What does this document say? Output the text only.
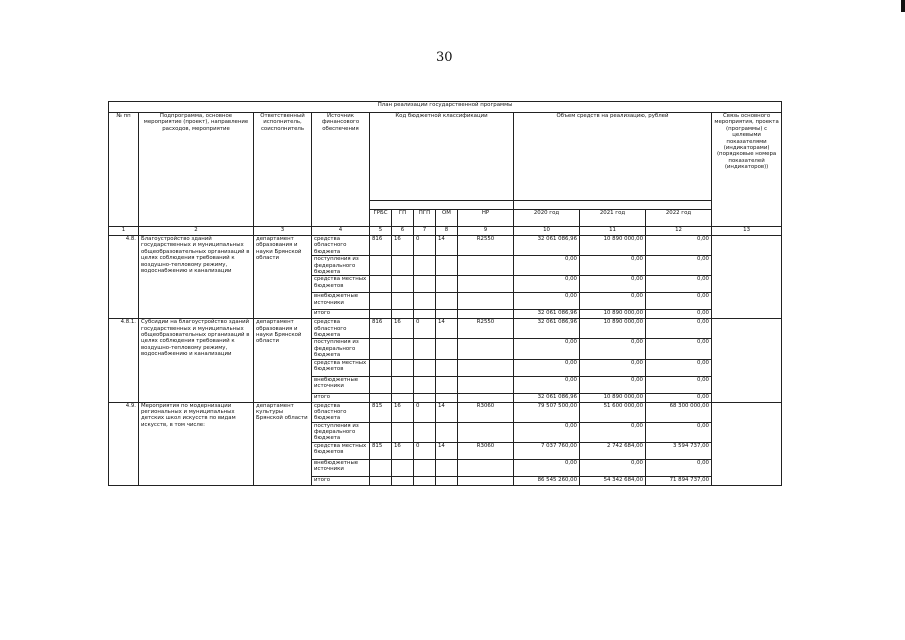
30
План реализации государственной программы												
№ пп	Подпрограмма, основное мероприятие (проект), направление расходов, мероприятие	Ответственный исполнитель, соисполнитель	Источник финансового обеспечения	Код бюджетной классификации					Объем средств на реализацию, рублей			Связь основного мероприятия, проекта (программы) с целевыми показателями (индикаторами) (порядковые номера показателей (индикаторов))

				ГРБС	ГП	ПГП	ОМ	НР	2020 год	2021 год	2022 год	
1	2	3	4	5	6	7	8	9	10	11	12	13
4.8.	Благоустройство зданий государственных и муниципальных общеобразовательных организаций в целях соблюдения требований к воздушно-тепловому режиму, водоснабжению и канализации	департамент образования и науки Брянской области	средства областного бюджета	816	16	0	14	R2550	32 061 086,96	10 890 000,00	0,00	
			поступления из федерального бюджета						0,00	0,00	0,00	
			средства местных бюджетов						0,00	0,00	0,00	
			внебюджетные источники						0,00	0,00	0,00	
			итого						32 061 086,96	10 890 000,00	0,00	
4.8.1.	Субсидии на благоустройство зданий государственных и муниципальных общеобразовательных организаций в целях соблюдения требований к воздушно-тепловому режиму, водоснабжению и канализации	департамент образования и науки Брянской области	средства областного бюджета	816	16	0	14	R2550	32 061 086,96	10 890 000,00	0,00	
			поступления из федерального бюджета						0,00	0,00	0,00	
			средства местных бюджетов						0,00	0,00	0,00	
			внебюджетные источники						0,00	0,00	0,00	
			итого						32 061 086,96	10 890 000,00	0,00	
4.9.	Мероприятия по модернизации региональных и муниципальных детских школ искусств по видам искусств, в том числе:	департамент культуры Брянской области	средства областного бюджета	815	16	0	14	R3060	79 507 500,00	51 600 000,00	68 300 000,00	
			поступления из федерального бюджета						0,00	0,00	0,00	
			средства местных бюджетов	815	16	0	14	R3060	7 037 760,00	2 742 684,00	3 594 737,00	
			внебюджетные источники						0,00	0,00	0,00	
			итого						86 545 260,00	54 342 684,00	71 894 737,00	
